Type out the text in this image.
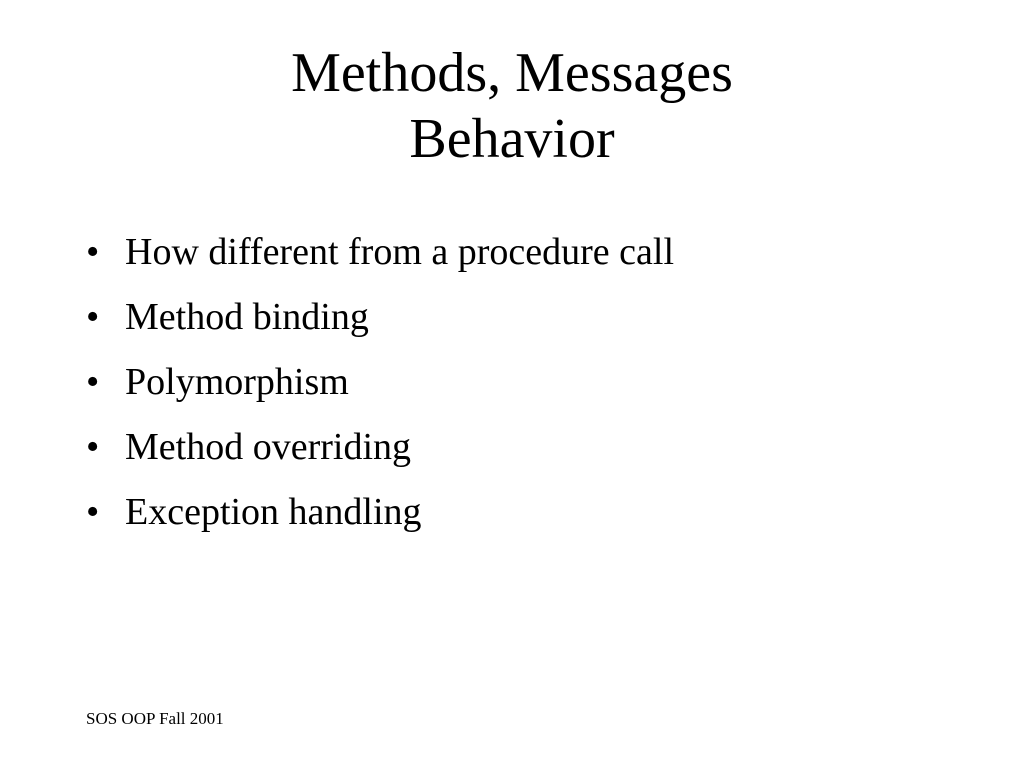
Methods, Messages
Behavior
• How different from a procedure call
• Method binding
• Polymorphism
• Method overriding
• Exception handling
SOS OOP Fall 2001
